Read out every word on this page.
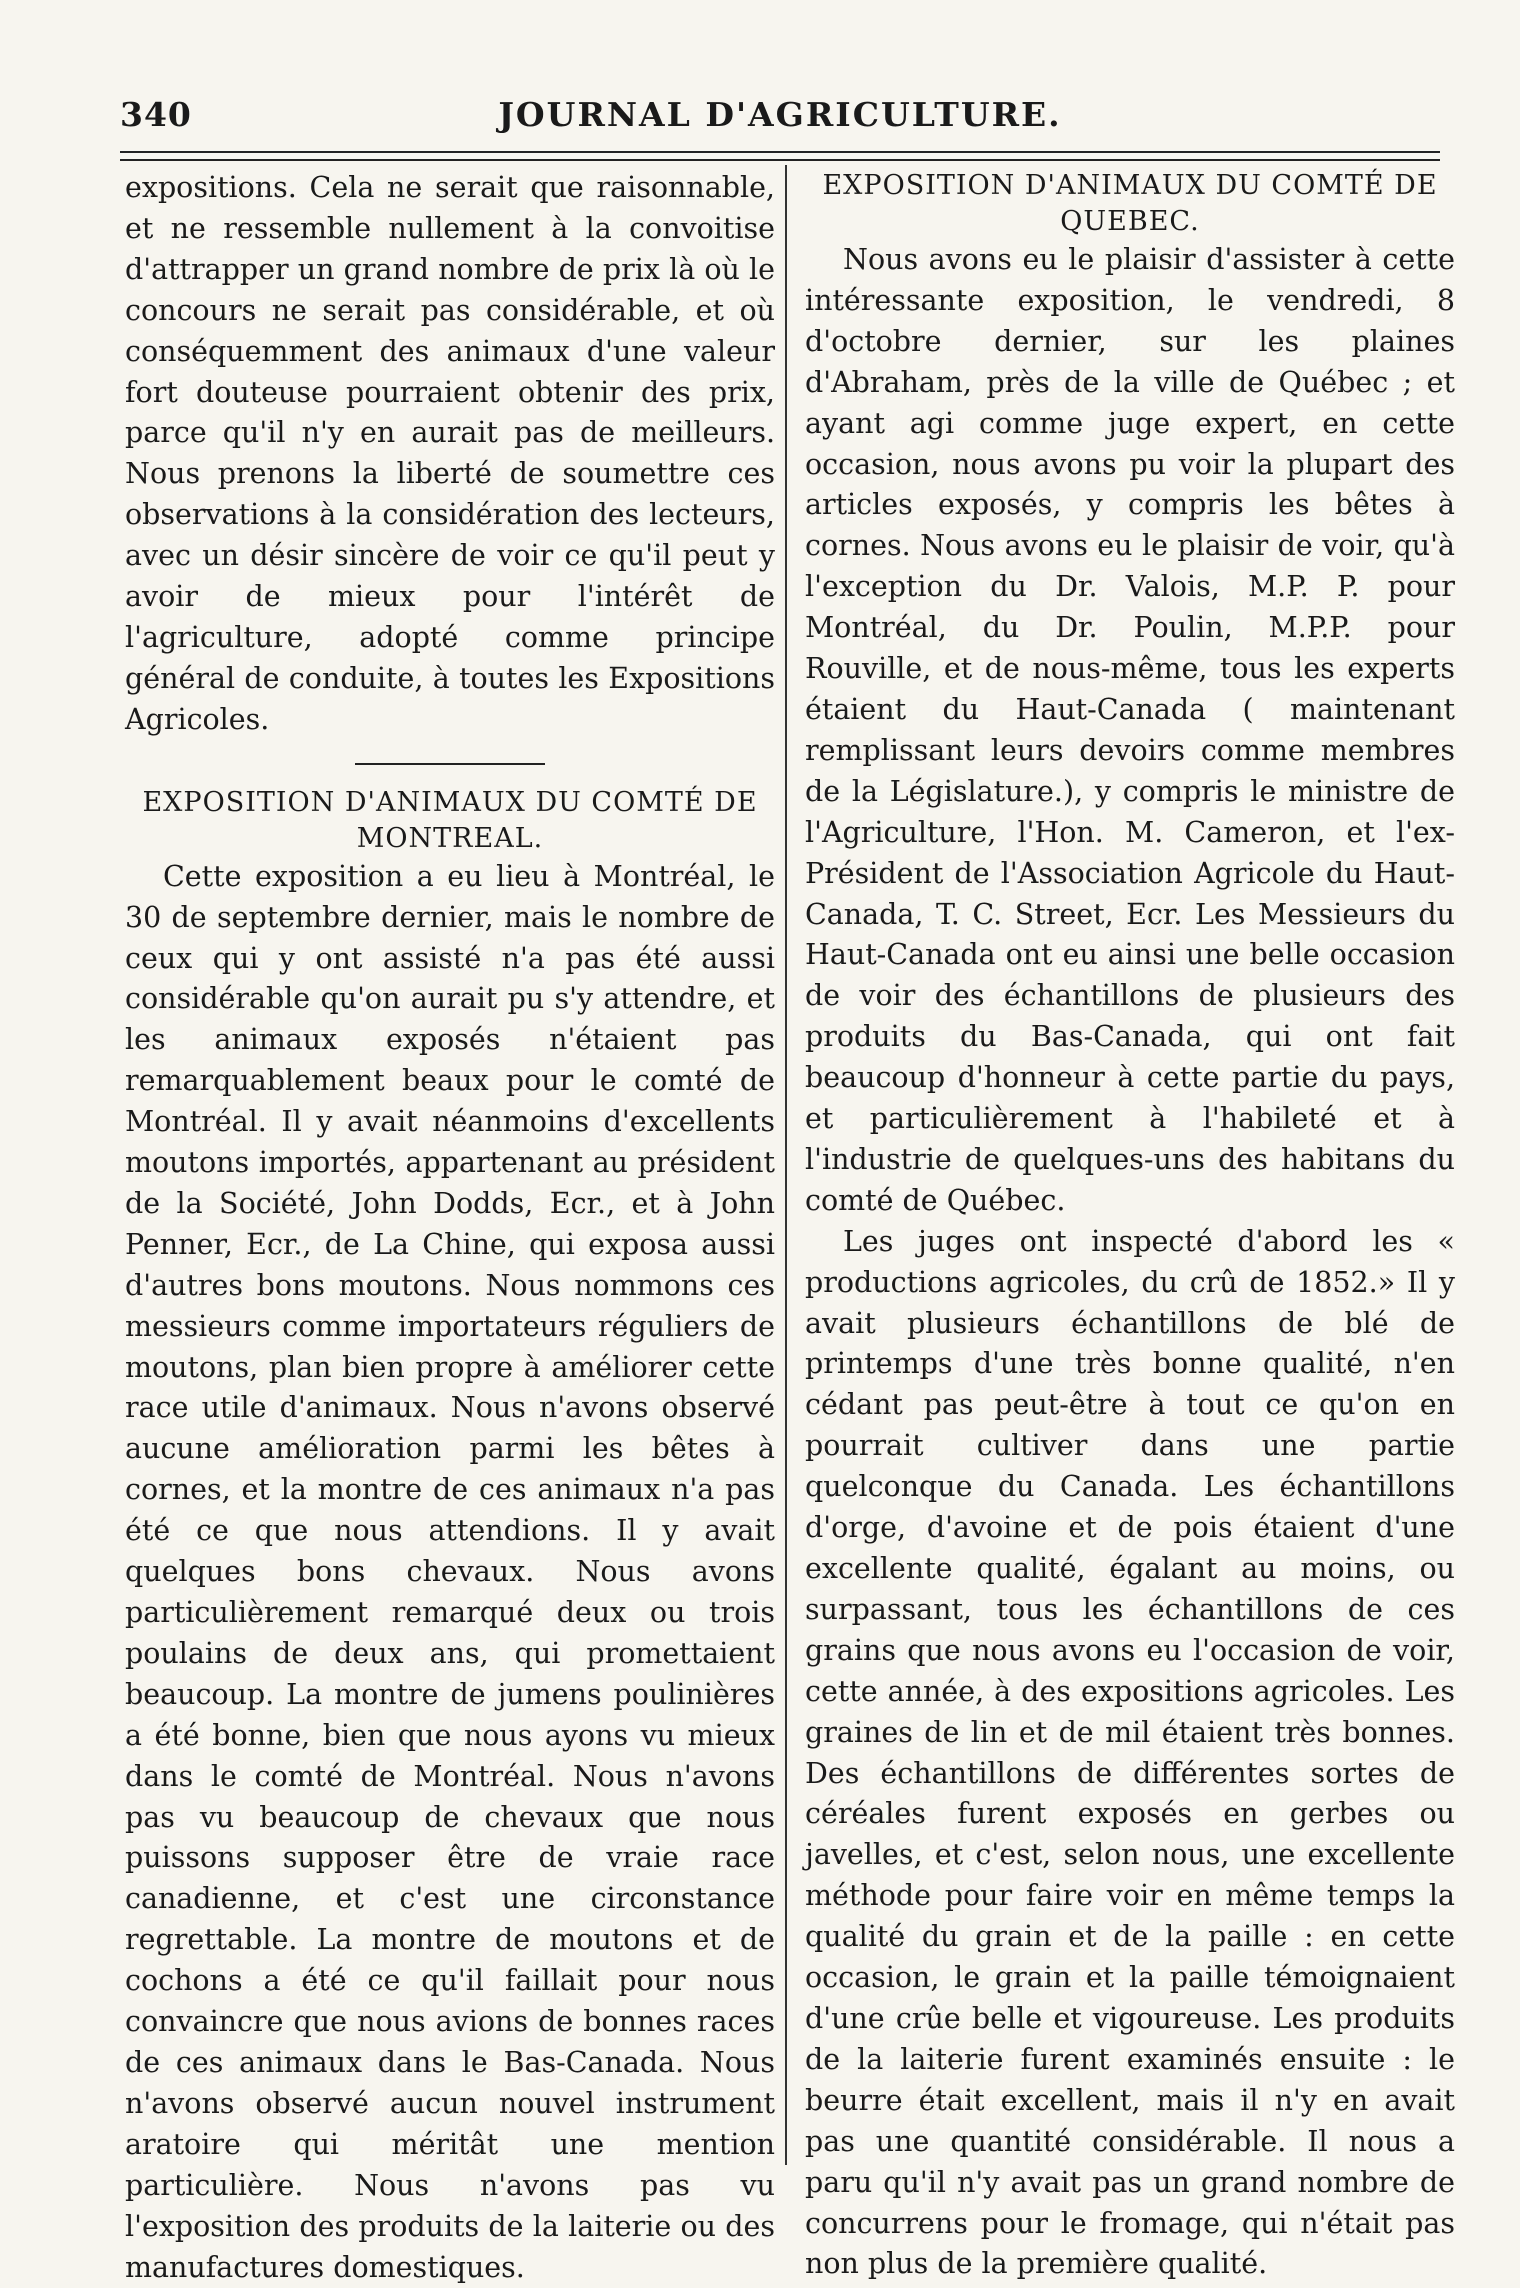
340	JOURNAL D'AGRICULTURE.

expositions. Cela ne serait que raisonnable, et ne ressemble nullement à la convoitise d'attrapper un grand nombre de prix là où le concours ne serait pas considérable, et où conséquemment des animaux d'une valeur fort douteuse pourraient obtenir des prix, parce qu'il n'y en aurait pas de meilleurs. Nous prenons la liberté de soumettre ces observations à la considération des lecteurs, avec un désir sincère de voir ce qu'il peut y avoir de mieux pour l'intérêt de l'agriculture, adopté comme principe général de conduite, à toutes les Expositions Agricoles.

EXPOSITION D'ANIMAUX DU COMTÉ DE
MONTREAL.

Cette exposition a eu lieu à Montréal, le 30 de septembre dernier, mais le nombre de ceux qui y ont assisté n'a pas été aussi considérable qu'on aurait pu s'y attendre, et les animaux exposés n'étaient pas remarquablement beaux pour le comté de Montréal. Il y avait néanmoins d'excellents moutons importés, appartenant au président de la Société, John Dodds, Ecr., et à John Penner, Ecr., de La Chine, qui exposa aussi d'autres bons moutons. Nous nommons ces messieurs comme importateurs réguliers de moutons, plan bien propre à améliorer cette race utile d'animaux. Nous n'avons observé aucune amélioration parmi les bêtes à cornes, et la montre de ces animaux n'a pas été ce que nous attendions. Il y avait quelques bons chevaux. Nous avons particulièrement remarqué deux ou trois poulains de deux ans, qui promettaient beaucoup. La montre de jumens poulinières a été bonne, bien que nous ayons vu mieux dans le comté de Montréal. Nous n'avons pas vu beaucoup de chevaux que nous puissons supposer être de vraie race canadienne, et c'est une circonstance regrettable. La montre de moutons et de cochons a été ce qu'il faillait pour nous convaincre que nous avions de bonnes races de ces animaux dans le Bas-Canada. Nous n'avons observé aucun nouvel instrument aratoire qui méritât une mention particulière. Nous n'avons pas vu l'exposition des produits de la laiterie ou des manufactures domestiques.

EXPOSITION D'ANIMAUX DU COMTÉ DE
QUEBEC.

Nous avons eu le plaisir d'assister à cette intéressante exposition, le vendredi, 8 d'octobre dernier, sur les plaines d'Abraham, près de la ville de Québec ; et ayant agi comme juge expert, en cette occasion, nous avons pu voir la plupart des articles exposés, y compris les bêtes à cornes. Nous avons eu le plaisir de voir, qu'à l'exception du Dr. Valois, M.P. P. pour Montréal, du Dr. Poulin, M.P.P. pour Rouville, et de nous-même, tous les experts étaient du Haut-Canada ( maintenant remplissant leurs devoirs comme membres de la Législature.), y compris le ministre de l'Agriculture, l'Hon. M. Cameron, et l'ex-Président de l'Association Agricole du Haut-Canada, T. C. Street, Ecr. Les Messieurs du Haut-Canada ont eu ainsi une belle occasion de voir des échantillons de plusieurs des produits du Bas-Canada, qui ont fait beaucoup d'honneur à cette partie du pays, et particulièrement à l'habileté et à l'industrie de quelques-uns des habitans du comté de Québec.

Les juges ont inspecté d'abord les « productions agricoles, du crû de 1852.» Il y avait plusieurs échantillons de blé de printemps d'une très bonne qualité, n'en cédant pas peut-être à tout ce qu'on en pourrait cultiver dans une partie quelconque du Canada. Les échantillons d'orge, d'avoine et de pois étaient d'une excellente qualité, égalant au moins, ou surpassant, tous les échantillons de ces grains que nous avons eu l'occasion de voir, cette année, à des expositions agricoles. Les graines de lin et de mil étaient très bonnes. Des échantillons de différentes sortes de céréales furent exposés en gerbes ou javelles, et c'est, selon nous, une excellente méthode pour faire voir en même temps la qualité du grain et de la paille : en cette occasion, le grain et la paille témoignaient d'une crûe belle et vigoureuse. Les produits de la laiterie furent examinés ensuite : le beurre était excellent, mais il n'y en avait pas une quantité considérable. Il nous a paru qu'il n'y avait pas un grand nombre de concurrens pour le fromage, qui n'était pas non plus de la première qualité.
